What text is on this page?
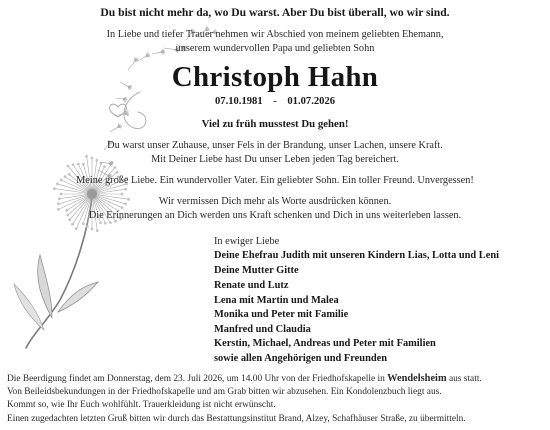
Du bist nicht mehr da, wo Du warst. Aber Du bist überall, wo wir sind.
In Liebe und tiefer Trauer nehmen wir Abschied von meinem geliebten Ehemann,
unserem wundervollen Papa und geliebten Sohn
Christoph Hahn
07.10.1981 - 01.07.2026
Viel zu früh musstest Du gehen!
Du warst unser Zuhause, unser Fels in der Brandung, unser Lachen, unsere Kraft.
Mit Deiner Liebe hast Du unser Leben jeden Tag bereichert.
Meine große Liebe. Ein wundervoller Vater. Ein geliebter Sohn. Ein toller Freund. Unvergessen!
Wir vermissen Dich mehr als Worte ausdrücken können.
Die Erinnerungen an Dich werden uns Kraft schenken und Dich in uns weiterleben lassen.
In ewiger Liebe
Deine Ehefrau Judith mit unseren Kindern Lias, Lotta und Leni
Deine Mutter Gitte
Renate und Lutz
Lena mit Martin und Malea
Monika und Peter mit Familie
Manfred und Claudia
Kerstin, Michael, Andreas und Peter mit Familien
sowie allen Angehörigen und Freunden
Die Beerdigung findet am Donnerstag, dem 23. Juli 2026, um 14.00 Uhr von der Friedhofskapelle in Wendelsheim aus statt.
Von Beileidsbekundungen in der Friedhofskapelle und am Grab bitten wir abzusehen. Ein Kondolenzbuch liegt aus.
Kommt so, wie Ihr Euch wohlfühlt. Trauerkleidung ist nicht erwünscht.
Einen zugedachten letzten Gruß bitten wir durch das Bestattungsinstitut Brand, Alzey, Schafhäuser Straße, zu übermitteln.
